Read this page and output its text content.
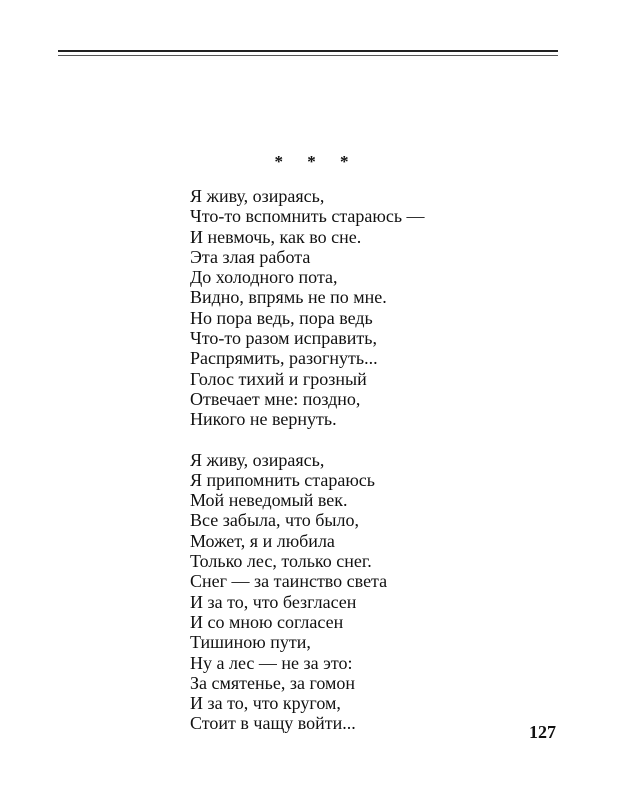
* * *
Я живу, озираясь,
Что-то вспомнить стараюсь —
И невмочь, как во сне.
Эта злая работа
До холодного пота,
Видно, впрямь не по мне.
Но пора ведь, пора ведь
Что-то разом исправить,
Распрямить, разогнуть...
Голос тихий и грозный
Отвечает мне: поздно,
Никого не вернуть.
Я живу, озираясь,
Я припомнить стараюсь
Мой неведомый век.
Все забыла, что было,
Может, я и любила
Только лес, только снег.
Снег — за таинство света
И за то, что безгласен
И со мною согласен
Тишиною пути,
Ну а лес — не за это:
За смятенье, за гомон
И за то, что кругом,
Стоит в чащу войти...	127
